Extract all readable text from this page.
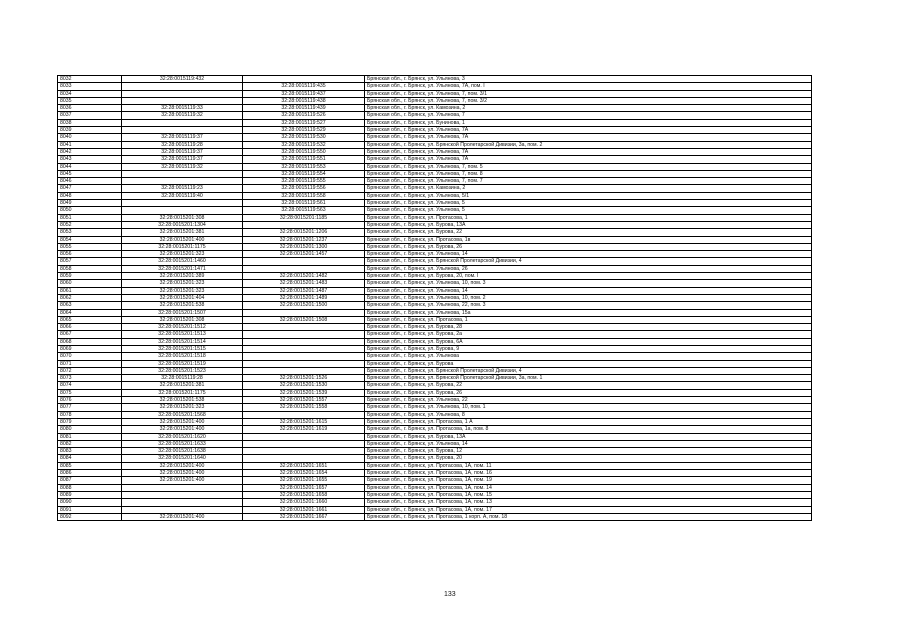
8032	32:28:0015119:432		Брянская обл., г. Брянск, ул. Ульянова, 3
8033		32:28:0015119:435	Брянская обл., г. Брянск, ул. Ульянова, 7А, пом. I
8034		32:28:0015119:437	Брянская обл., г. Брянск, ул. Ульянова, 7, пом. 3/1
8035		32:28:0015119:438	Брянская обл., г. Брянск, ул. Ульянова, 7, пом. 3/2
8036	32:28:0015119:33	32:28:0015119:439	Брянская обл., г. Брянск, ул. Камозина, 2
8037	32:28:0015119:32	32:28:0015119:526	Брянская обл., г. Брянск, ул. Ульянова, 7
8038		32:28:0015119:527	Брянская обл., г. Брянск, ул. Бунинова, 1
8039		32:28:0015119:529	Брянская обл., г. Брянск, ул. Ульянова, 7А
8040	32:28:0015119:37	32:28:0015119:530	Брянская обл., г. Брянск, ул. Ульянова, 7А
8041	32:28:0015119:28	32:28:0015119:532	Брянская обл., г. Брянск, ул. Брянской Пролетарской Дивизии, 3а, пом. 2
8042	32:28:0015119:37	32:28:0015119:550	Брянская обл., г. Брянск, ул. Ульянова, 7А
8043	32:28:0015119:37	32:28:0015119:551	Брянская обл., г. Брянск, ул. Ульянова, 7А
8044	32:28:0015119:32	32:28:0015119:553	Брянская обл., г. Брянск, ул. Ульянова, 7, пом. 5
8045		32:28:0015119:554	Брянская обл., г. Брянск, ул. Ульянова, 7, пом. 8
8046		32:28:0015119:555	Брянская обл., г. Брянск, ул. Ульянова, 7, пом. 7
8047	32:28:0015119:23	32:28:0015119:556	Брянская обл., г. Брянск, ул. Камозина, 2
8048	32:28:0015119:40	32:28:0015119:558	Брянская обл., г. Брянск, ул. Ульянова, 5/1
8049		32:28:0015119:561	Брянская обл., г. Брянск, ул. Ульянова, 5
8050		32:28:0015119:563	Брянская обл., г. Брянск, ул. Ульянова, 5
8051	32:28:0015201:308	32:28:0015201:1185	Брянская обл., г. Брянск, ул. Протасова, 1
8052	32:28:0015201:1304		Брянская обл., г. Брянск, ул. Бурова, 13А
8053	32:28:0015201:381	32:28:0015201:1206	Брянская обл., г. Брянск, ул. Бурова, 22
8054	32:28:0015201:400	32:28:0015201:1237	Брянская обл., г. Брянск, ул. Протасова, 1в
8055	32:28:0015201:1175	32:28:0015201:1300	Брянская обл., г. Брянск, ул. Бурова, 26
8056	32:28:0015201:323	32:28:0015201:1457	Брянская обл., г. Брянск, ул. Ульянова, 14
8057	32:28:0015201:1460		Брянская обл., г. Брянск, ул. Брянской Пролетарской Дивизии, 4
8058	32:28:0015201:1471		Брянская обл., г. Брянск, ул. Ульянова, 26
8059	32:28:0015201:389	32:28:0015201:1482	Брянская обл., г. Брянск, ул. Бурова, 20, пом. I
8060	32:28:0015201:323	32:28:0015201:1483	Брянская обл., г. Брянск, ул. Ульянова, 10, пом. 3
8061	32:28:0015201:323	32:28:0015201:1487	Брянская обл., г. Брянск, ул. Ульянова, 14
8062	32:28:0015201:404	32:28:0015201:1489	Брянская обл., г. Брянск, ул. Ульянова, 10, пом. 2
8063	32:28:0015201:538	32:28:0015201:1500	Брянская обл., г. Брянск, ул. Ульянова, 22, пом. 3
8064	32:28:0015201:1507		Брянская обл., г. Брянск, ул. Ульянова, 15а
8065	32:28:0015201:308	32:28:0015201:1508	Брянская обл., г. Брянск, ул. Протасова, 1
8066	32:28:0015201:1512		Брянская обл., г. Брянск, ул. Бурова, 28
8067	32:28:0015201:1513		Брянская обл., г. Брянск, ул. Бурова, 2а
8068	32:28:0015201:1514		Брянская обл., г. Брянск, ул. Бурова, 6А
8069	32:28:0015201:1515		Брянская обл., г. Брянск, ул. Бурова, 9
8070	32:28:0015201:1518		Брянская обл., г. Брянск, ул. Ульянова
8071	32:28:0015201:1519		Брянская обл., г. Брянск, ул. Бурова
8072	32:28:0015201:1523		Брянская обл., г. Брянск, ул. Брянской Пролетарской Дивизии, 4
8073	32:28:0015119:28	32:28:0015201:1526	Брянская обл., г. Брянск, ул. Брянской Пролетарской Дивизии, 3а, пом. 1
8074	32:28:0015201:381	32:28:0015201:1530	Брянская обл., г. Брянск, ул. Бурова, 22
8075	32:28:0015201:1175	32:28:0015201:1539	Брянская обл., г. Брянск, ул. Бурова, 26
8076	32:28:0015201:538	32:28:0015201:1557	Брянская обл., г. Брянск, ул. Ульянова, 22
8077	32:28:0015201:323	32:28:0015201:1558	Брянская обл., г. Брянск, ул. Ульянова, 10, пом. 1
8078	32:28:0015201:1568		Брянская обл., г. Брянск, ул. Ульянова, 8
8079	32:28:0015201:400	32:28:0015201:1615	Брянская обл., г. Брянск, ул. Протасова, 1 А
8080	32:28:0015201:400	32:28:0015201:1619	Брянская обл., г. Брянск, ул. Протасова, 1а, пом. 8
8081	32:28:0015201:1620		Брянская обл., г. Брянск, ул. Бурова, 13А
8082	32:28:0015201:1633		Брянская обл., г. Брянск, ул. Ульянова, 14
8083	32:28:0015201:1638		Брянская обл., г. Брянск, ул. Бурова, 12
8084	32:28:0015201:1640		Брянская обл., г. Брянск, ул. Бурова, 20
8085	32:28:0015201:400	32:28:0015201:1651	Брянская обл., г. Брянск, ул. Протасова, 1А, пом. 11
8086	32:28:0015201:400	32:28:0015201:1654	Брянская обл., г. Брянск, ул. Протасова, 1А, пом. 16
8087	32:28:0015201:400	32:28:0015201:1655	Брянская обл., г. Брянск, ул. Протасова, 1А, пом. 19
8088		32:28:0015201:1657	Брянская обл., г. Брянск, ул. Протасова, 1А, пом. 14
8089		32:28:0015201:1658	Брянская обл., г. Брянск, ул. Протасова, 1А, пом. 15
8090		32:28:0015201:1660	Брянская обл., г. Брянск, ул. Протасова, 1А, пом. 13
8091		32:28:0015201:1661	Брянская обл., г. Брянск, ул. Протасова, 1А, пом. 17
8092	32:28:0015201:400	32:28:0015201:1667	Брянская обл., г. Брянск, ул. Протасова, 1 корп. А, пом. 18
133
